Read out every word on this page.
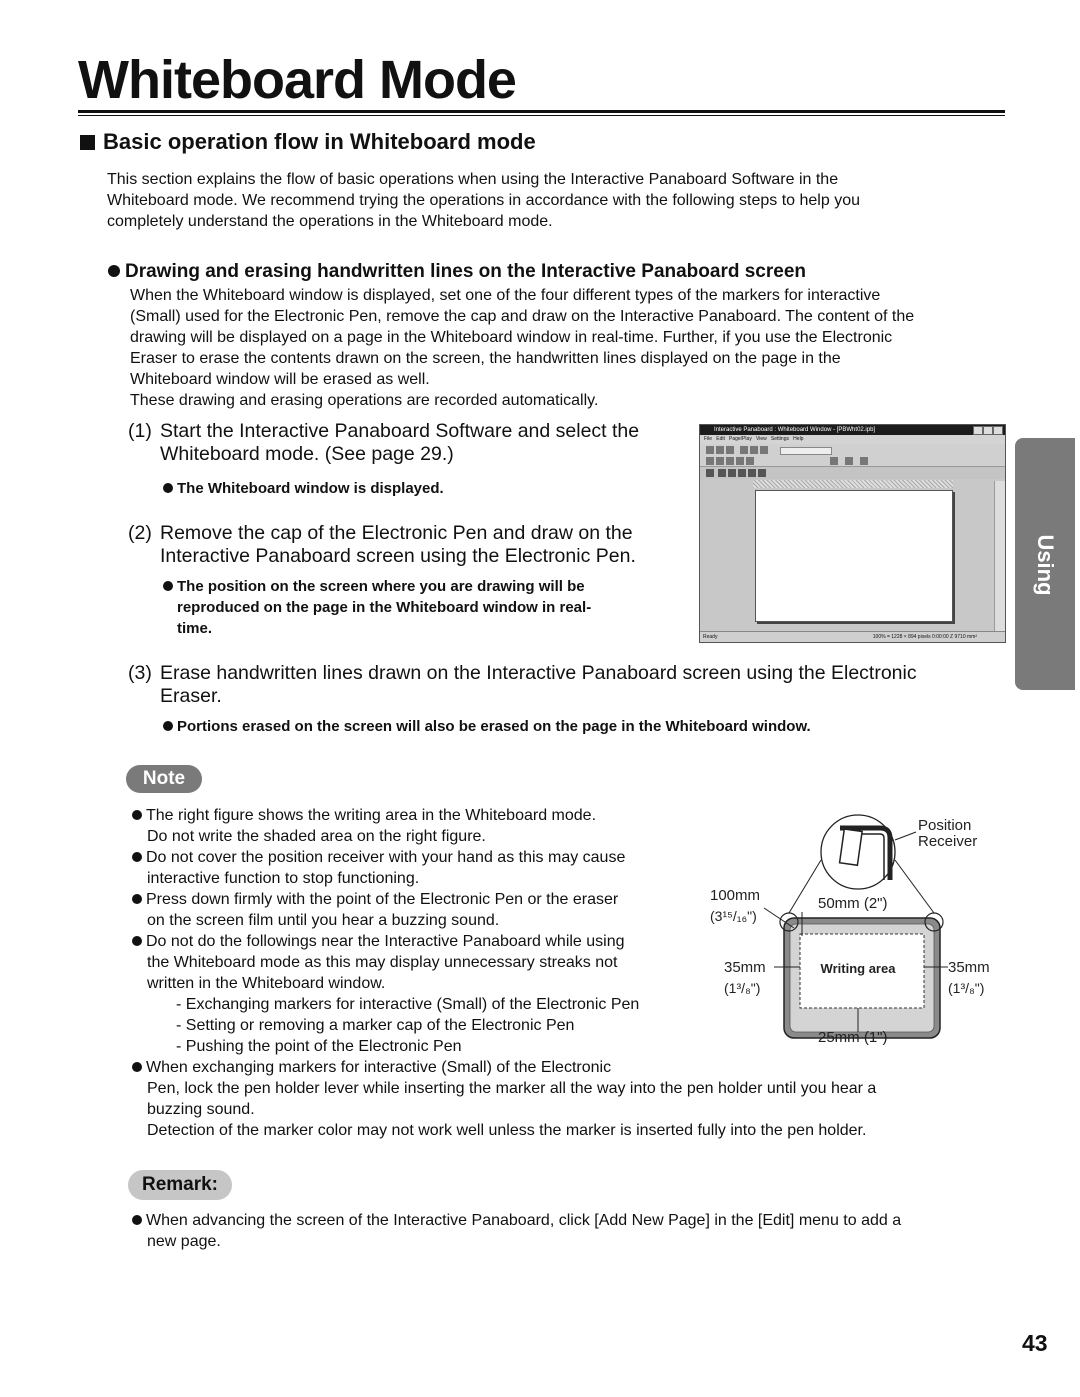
Whiteboard Mode
Basic operation flow in Whiteboard mode
This section explains the flow of basic operations when using the Interactive Panaboard Software in the
Whiteboard mode. We recommend trying the operations in accordance with the following steps to help you
completely understand the operations in the Whiteboard mode.
Drawing and erasing handwritten lines on the Interactive Panaboard screen
When the Whiteboard window is displayed, set one of the four different types of the markers for interactive
(Small) used for the Electronic Pen, remove the cap and draw on the Interactive Panaboard. The content of the
drawing will be displayed on a page in the Whiteboard window in real-time. Further, if you use the Electronic
Eraser to erase the contents drawn on the screen, the handwritten lines displayed on the page in the
Whiteboard window will be erased as well.
These drawing and erasing operations are recorded automatically.
(1) Start the Interactive Panaboard Software and select the
Whiteboard mode. (See page 29.)
The Whiteboard window is displayed.
(2) Remove the cap of the Electronic Pen and draw on the
Interactive Panaboard screen using the Electronic Pen.
The position on the screen where you are drawing will be
reproduced on the page in the Whiteboard window in real-
time.
Interactive Panaboard : Whiteboard Window - [PBWht02.ipb]
File Edit Page/Play View Settings Help
Ready	100% = 1228 × 894 pixels 0:00:00 Z 9710 mm²
(3) Erase handwritten lines drawn on the Interactive Panaboard screen using the Electronic
Eraser.
Portions erased on the screen will also be erased on the page in the Whiteboard window.
Using
Note
The right figure shows the writing area in the Whiteboard mode.
Do not write the shaded area on the right figure.
Do not cover the position receiver with your hand as this may cause
interactive function to stop functioning.
Press down firmly with the point of the Electronic Pen or the eraser
on the screen film until you hear a buzzing sound.
Do not do the followings near the Interactive Panaboard while using
the Whiteboard mode as this may display unnecessary streaks not
written in the Whiteboard window.
- Exchanging markers for interactive (Small) of the Electronic Pen
- Setting or removing a marker cap of the Electronic Pen
- Pushing the point of the Electronic Pen
When exchanging markers for interactive (Small) of the Electronic
Pen, lock the pen holder lever while inserting the marker all the way into the pen holder until you hear a
buzzing sound.
Detection of the marker color may not work well unless the marker is inserted fully into the pen holder.
Position
Receiver
100mm
(3¹⁵/₁₆")
50mm (2")
35mm
(1³/₈")
35mm
(1³/₈")
Writing area
25mm (1")
Remark:
When advancing the screen of the Interactive Panaboard, click [Add New Page] in the [Edit] menu to add a
new page.
43
